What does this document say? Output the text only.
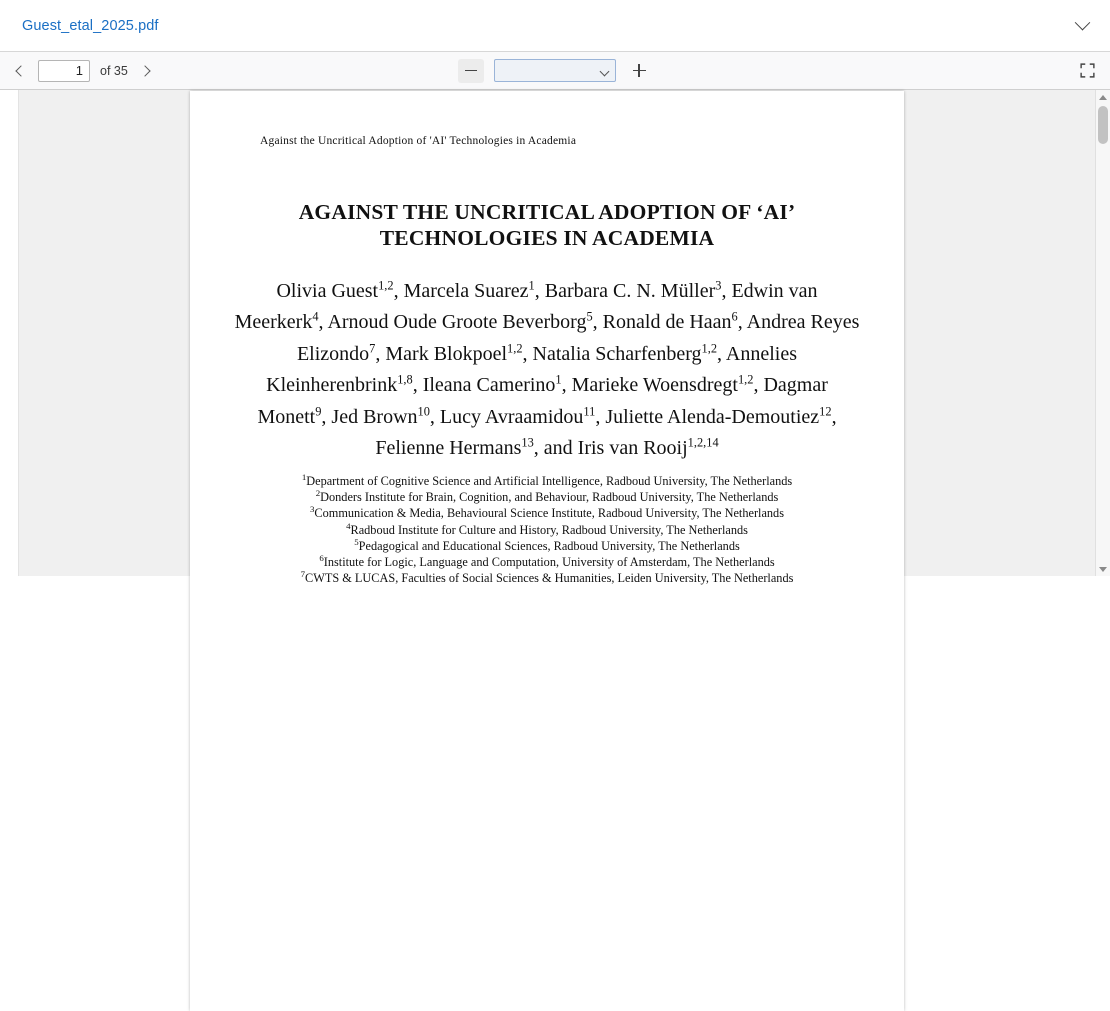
Guest_etal_2025.pdf
1
of 35
Against the Uncritical Adoption of 'AI' Technologies in Academia
AGAINST THE UNCRITICAL ADOPTION OF ‘AI’
TECHNOLOGIES IN ACADEMIA
Olivia Guest$^{1,2}$, Marcela Suarez$^1$, Barbara C. N. Müller$^3$, Edwin van Meerkerk$^4$, Arnoud Oude Groote Beverborg$^5$, Ronald de Haan$^6$, Andrea Reyes Elizondo$^7$, Mark Blokpoel$^{1,2}$, Natalia Scharfenberg$^{1,2}$, Annelies Kleinherenbrink$^{1,8}$, Ileana Camerino$^1$, Marieke Woensdregt$^{1,2}$, Dagmar Monett$^9$, Jed Brown$^{10}$, Lucy Avraamidou$^{11}$, Juliette Alenda-Demoutiez$^{12}$, Felienne Hermans$^{13}$, and Iris van Rooij$^{1,2,14}$
$^1$Department of Cognitive Science and Artificial Intelligence, Radboud University, The Netherlands
$^2$Donders Institute for Brain, Cognition, and Behaviour, Radboud University, The Netherlands
$^3$Communication & Media, Behavioural Science Institute, Radboud University, The Netherlands
$^4$Radboud Institute for Culture and History, Radboud University, The Netherlands
$^5$Pedagogical and Educational Sciences, Radboud University, The Netherlands
$^6$Institute for Logic, Language and Computation, University of Amsterdam, The Netherlands
$^7$CWTS & LUCAS, Faculties of Social Sciences & Humanities, Leiden University, The Netherlands
